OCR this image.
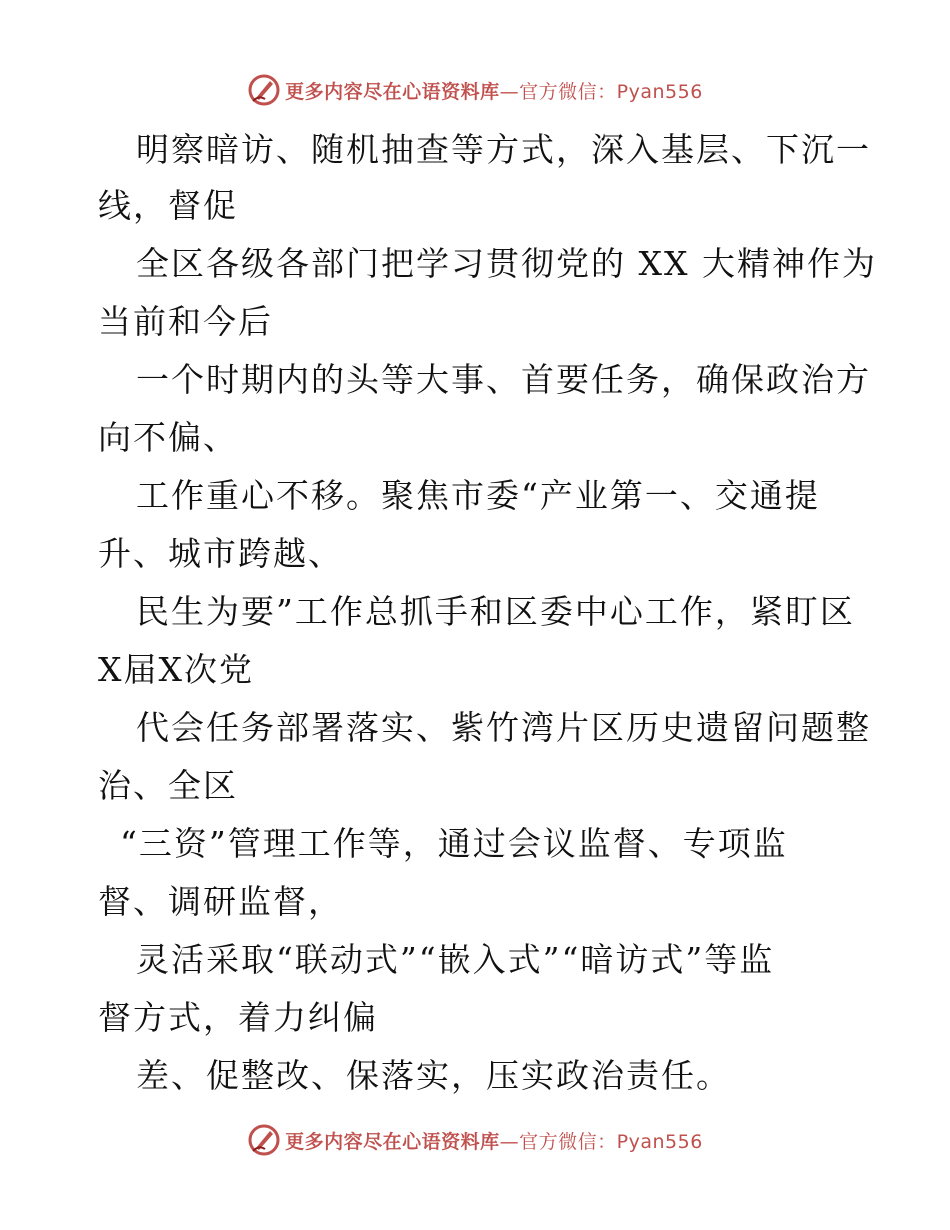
更多内容尽在心语资料库—官方微信：Pyan556
明察暗访、随机抽查等方式，深入基层、下沉一
线，督促
全区各级各部门把学习贯彻党的 XX 大精神作为
当前和今后
一个时期内的头等大事、首要任务，确保政治方
向不偏、
工作重心不移。聚焦市委“产业第一、交通提
升、城市跨越、
民生为要”工作总抓手和区委中心工作，紧盯区
X届X次党
代会任务部署落实、紫竹湾片区历史遗留问题整
治、全区
“三资”管理工作等，通过会议监督、专项监
督、调研监督，
灵活采取“联动式”“嵌入式”“暗访式”等监
督方式，着力纠偏
差、促整改、保落实，压实政治责任。
更多内容尽在心语资料库—官方微信：Pyan556
